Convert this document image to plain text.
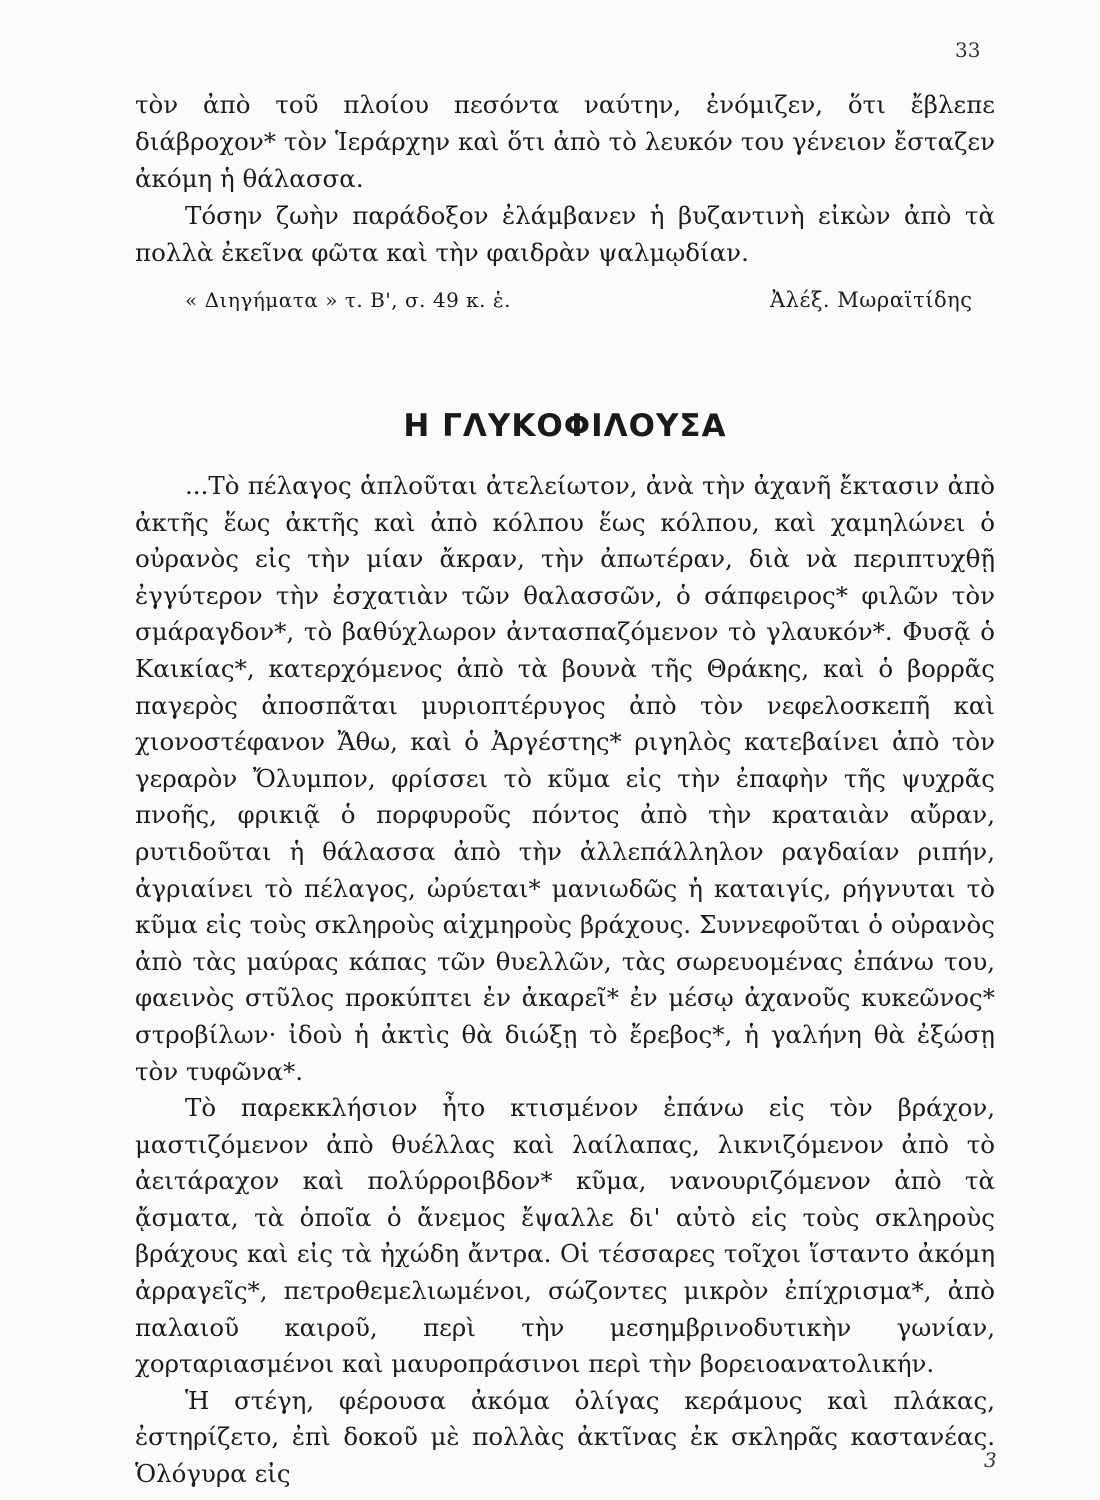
33

τὸν ἀπὸ τοῦ πλοίου πεσόντα ναύτην, ἐνόμιζεν, ὅτι ἔβλεπε διάβροχον* τὸν Ἱεράρχην καὶ ὅτι ἀπὸ τὸ λευκόν του γένειον ἔσταζεν ἀκόμη ἡ θάλασσα.

Τόσην ζωὴν παράδοξον ἐλάμβανεν ἡ βυζαντινὴ εἰκὼν ἀπὸ τὰ πολλὰ ἐκεῖνα φῶτα καὶ τὴν φαιδρὰν ψαλμῳδίαν.

« Διηγήματα » τ. Β', σ. 49 κ. ἑ.	Ἀλέξ. Μωραϊτίδης
Η ΓΛΥΚΟΦΙΛΟΥΣΑ

...Τὸ πέλαγος ἁπλοῦται ἀτελείωτον, ἀνὰ τὴν ἀχανῆ ἔκτασιν ἀπὸ ἀκτῆς ἕως ἀκτῆς καὶ ἀπὸ κόλπου ἕως κόλπου, καὶ χαμηλώνει ὁ οὐρανὸς εἰς τὴν μίαν ἄκραν, τὴν ἀπωτέραν, διὰ νὰ περιπτυχθῇ ἐγγύτερον τὴν ἐσχατιὰν τῶν θαλασσῶν, ὁ σάπφειρος* φιλῶν τὸν σμάραγδον*, τὸ βαθύχλωρον ἀντασπαζόμενον τὸ γλαυκόν*. Φυσᾷ ὁ Καικίας*, κατερχόμενος ἀπὸ τὰ βουνὰ τῆς Θράκης, καὶ ὁ βορρᾶς παγερὸς ἀποσπᾶται μυριοπτέρυγος ἀπὸ τὸν νεφελοσκεπῆ καὶ χιονοστέφανον Ἄθω, καὶ ὁ Ἀργέστης* ριγηλὸς κατεβαίνει ἀπὸ τὸν γεραρὸν Ὄλυμπον, φρίσσει τὸ κῦμα εἰς τὴν ἐπαφὴν τῆς ψυχρᾶς πνοῆς, φρικιᾷ ὁ πορφυροῦς πόντος ἀπὸ τὴν κραταιὰν αὔραν, ρυτιδοῦται ἡ θάλασσα ἀπὸ τὴν ἀλλεπάλληλον ραγδαίαν ριπήν, ἀγριαίνει τὸ πέλαγος, ὠρύεται* μανιωδῶς ἡ καταιγίς, ρήγνυται τὸ κῦμα εἰς τοὺς σκληροὺς αἰχμηροὺς βράχους. Συννεφοῦται ὁ οὐρανὸς ἀπὸ τὰς μαύρας κάπας τῶν θυελλῶν, τὰς σωρευομένας ἐπάνω του, φαεινὸς στῦλος προκύπτει ἐν ἀκαρεῖ* ἐν μέσῳ ἀχανοῦς κυκεῶνος* στροβίλων· ἰδοὺ ἡ ἀκτὶς θὰ διώξῃ τὸ ἔρεβος*, ἡ γαλήνη θὰ ἐξώσῃ τὸν τυφῶνα*.

Τὸ παρεκκλήσιον ἦτο κτισμένον ἐπάνω εἰς τὸν βράχον, μαστιζόμενον ἀπὸ θυέλλας καὶ λαίλαπας, λικνιζόμενον ἀπὸ τὸ ἀειτάραχον καὶ πολύρροιβδον* κῦμα, νανουριζόμενον ἀπὸ τὰ ᾄσματα, τὰ ὁποῖα ὁ ἄνεμος ἔψαλλε δι' αὐτὸ εἰς τοὺς σκληροὺς βράχους καὶ εἰς τὰ ἠχώδη ἄντρα. Οἱ τέσσαρες τοῖχοι ἵσταντο ἀκόμη ἀρραγεῖς*, πετροθεμελιωμένοι, σώζοντες μικρὸν ἐπίχρισμα*, ἀπὸ παλαιοῦ καιροῦ, περὶ τὴν μεσημβρινοδυτικὴν γωνίαν, χορταριασμένοι καὶ μαυροπράσινοι περὶ τὴν βορειοανατολικήν.

Ἡ στέγη, φέρουσα ἀκόμα ὀλίγας κεράμους καὶ πλάκας, ἐστηρίζετο, ἐπὶ δοκοῦ μὲ πολλὰς ἀκτῖνας ἐκ σκληρᾶς καστανέας. Ὁλόγυρα εἰς	3
